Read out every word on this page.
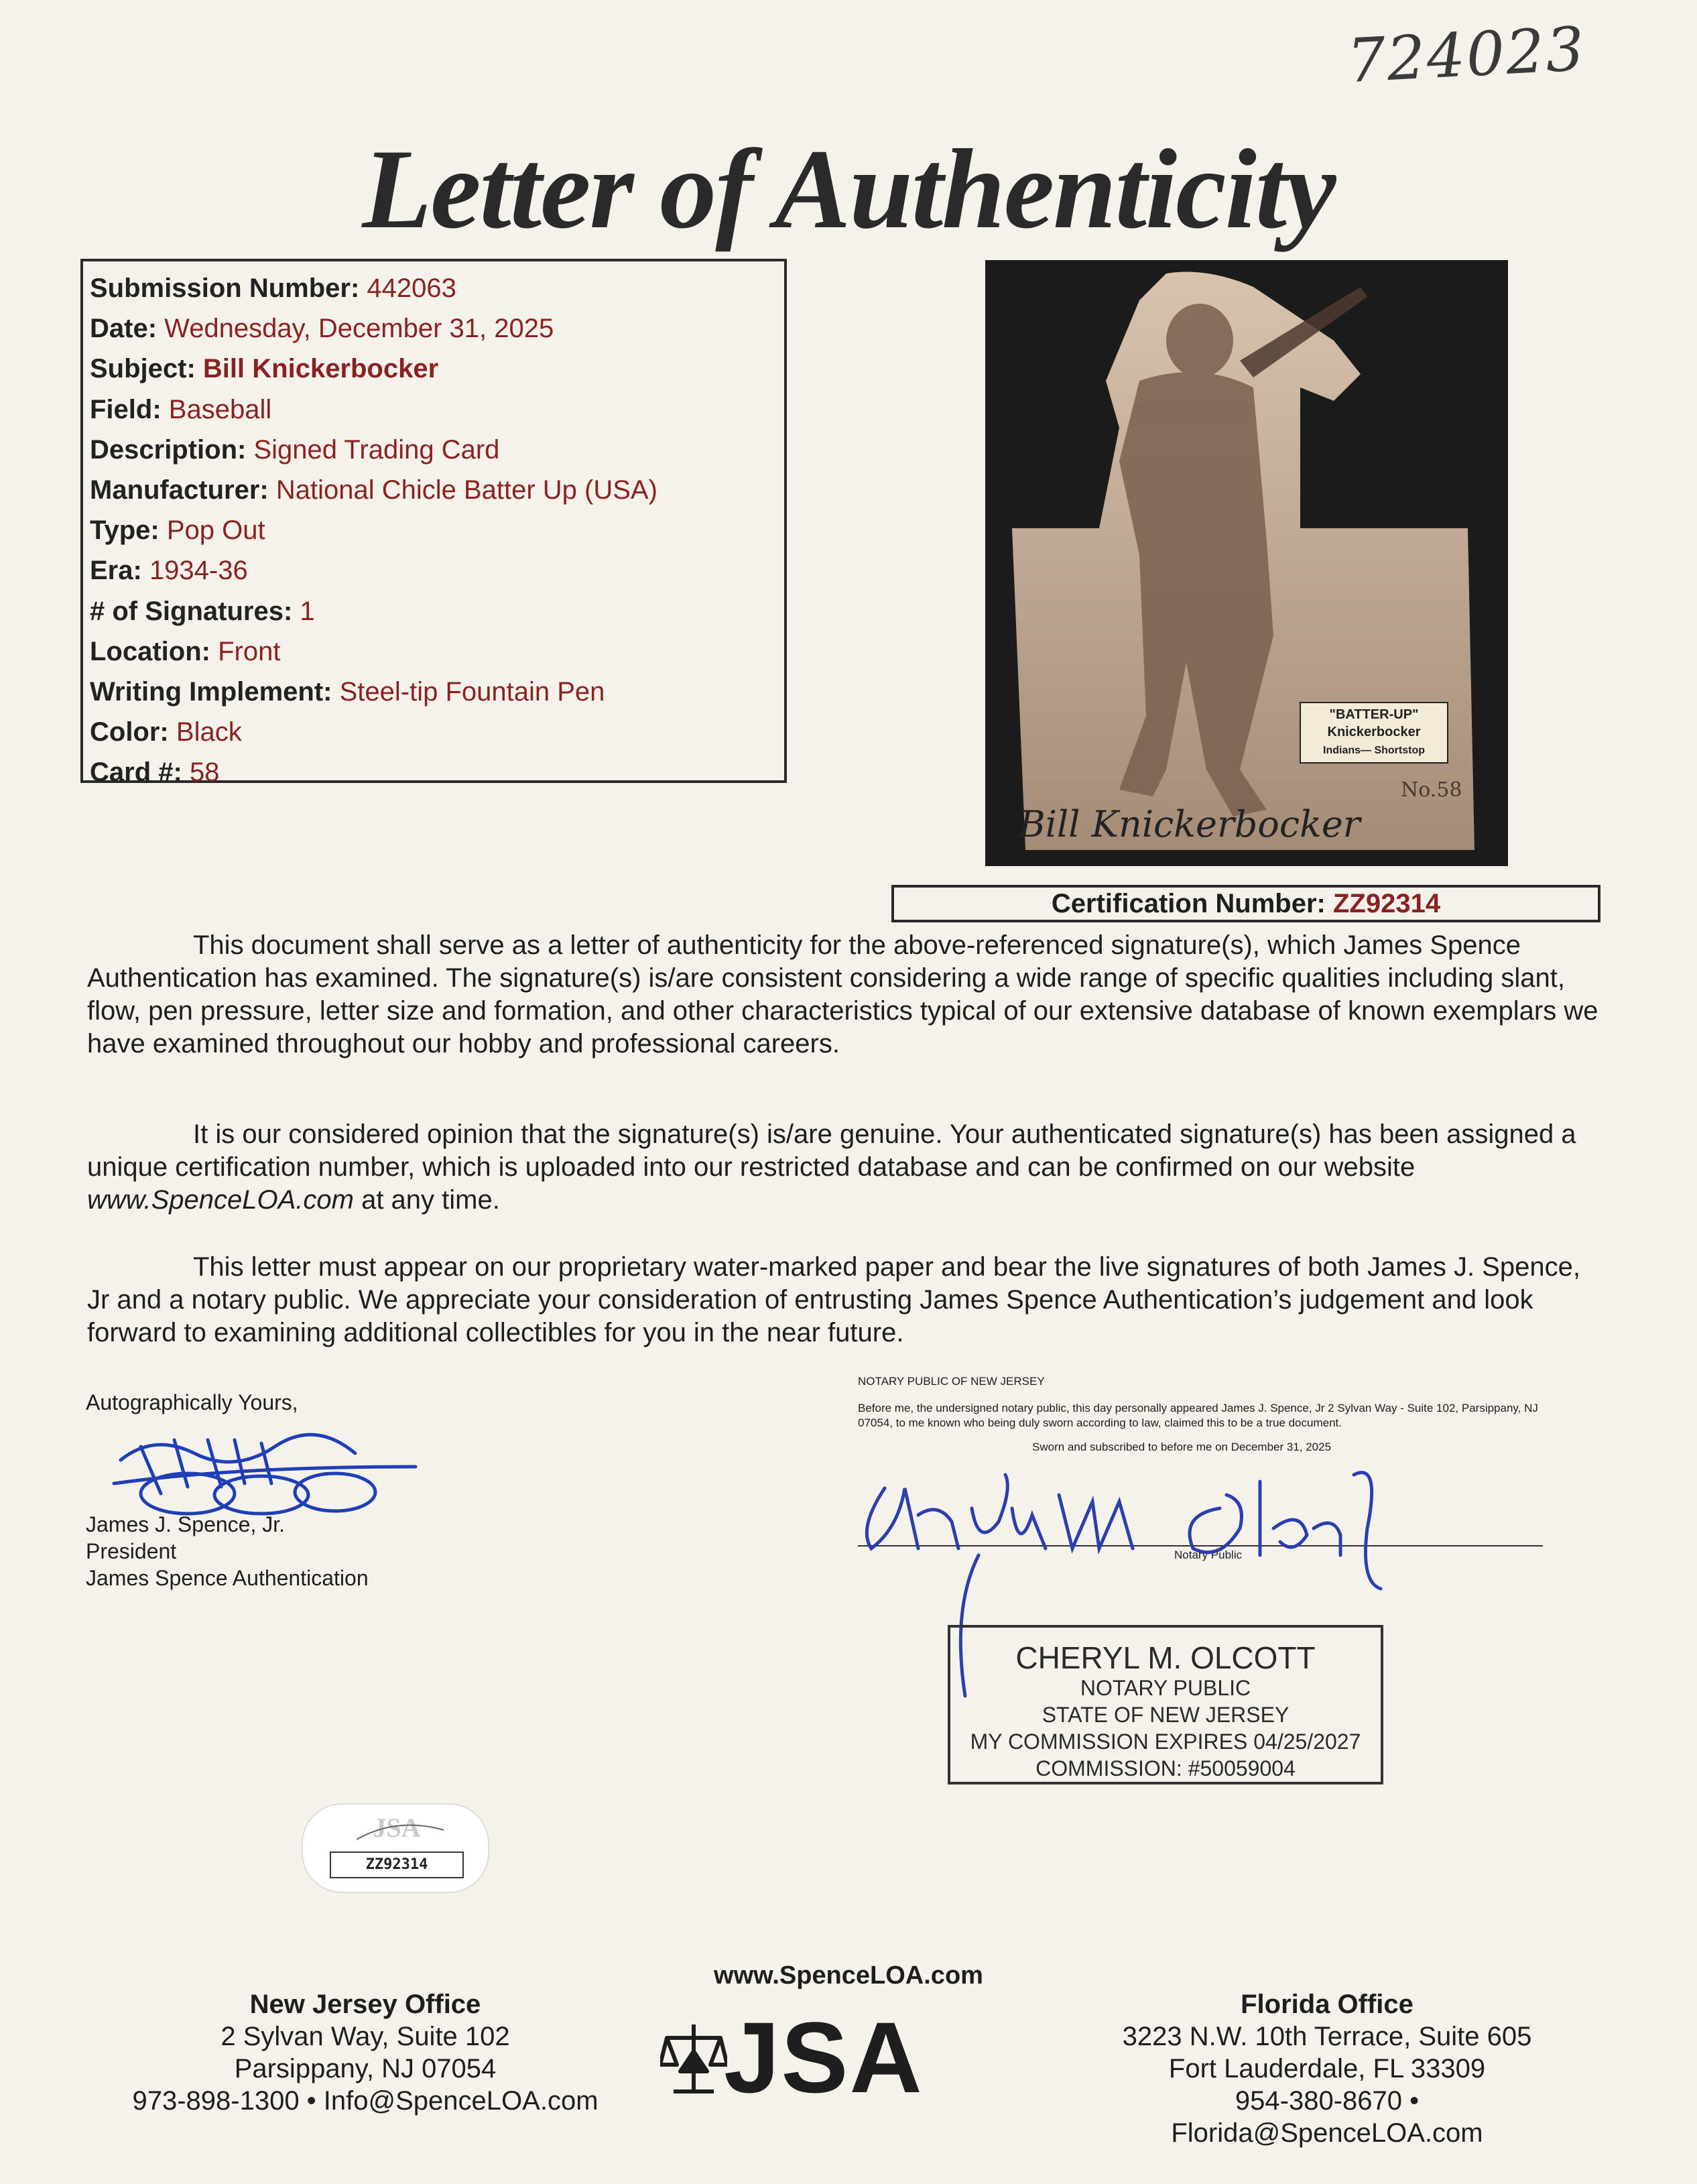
724023
Letter of Authenticity
Submission Number: 442063
Date: Wednesday, December 31, 2025
Subject: Bill Knickerbocker
Field: Baseball
Description: Signed Trading Card
Manufacturer: National Chicle Batter Up (USA)
Type: Pop Out
Era: 1934-36
# of Signatures: 1
Location: Front
Writing Implement: Steel-tip Fountain Pen
Color: Black
Card #: 58
"BATTER-UP"
Knickerbocker
Indians— Shortstop
No.58
Bill Knickerbocker
Certification Number: ZZ92314

This document shall serve as a letter of authenticity for the above-referenced signature(s), which James Spence Authentication has examined. The signature(s) is/are consistent considering a wide range of specific qualities including slant, flow, pen pressure, letter size and formation, and other characteristics typical of our extensive database of known exemplars we have examined throughout our hobby and professional careers.

It is our considered opinion that the signature(s) is/are genuine. Your authenticated signature(s) has been assigned a unique certification number, which is uploaded into our restricted database and can be confirmed on our website www.SpenceLOA.com at any time.

This letter must appear on our proprietary water-marked paper and bear the live signatures of both James J. Spence, Jr and a notary public. We appreciate your consideration of entrusting James Spence Authentication’s judgement and look forward to examining additional collectibles for you in the near future.

Autographically Yours,
James J. Spence, Jr.
President
James Spence Authentication
NOTARY PUBLIC OF NEW JERSEY
Before me, the undersigned notary public, this day personally appeared James J. Spence, Jr 2 Sylvan Way - Suite 102, Parsippany, NJ 07054, to me known who being duly sworn according to law, claimed this to be a true document.
Sworn and subscribed to before me on December 31, 2025
Notary Public
CHERYL M. OLCOTT
NOTARY PUBLIC
STATE OF NEW JERSEY
MY COMMISSION EXPIRES 04/25/2027
COMMISSION: #50059004
JSA
ZZ92314
www.SpenceLOA.com
New Jersey Office
2 Sylvan Way, Suite 102
Parsippany, NJ 07054
973-898-1300 • Info@SpenceLOA.com JSA	Florida Office
3223 N.W. 10th Terrace, Suite 605
Fort Lauderdale, FL 33309
954-380-8670 • Florida@SpenceLOA.com
